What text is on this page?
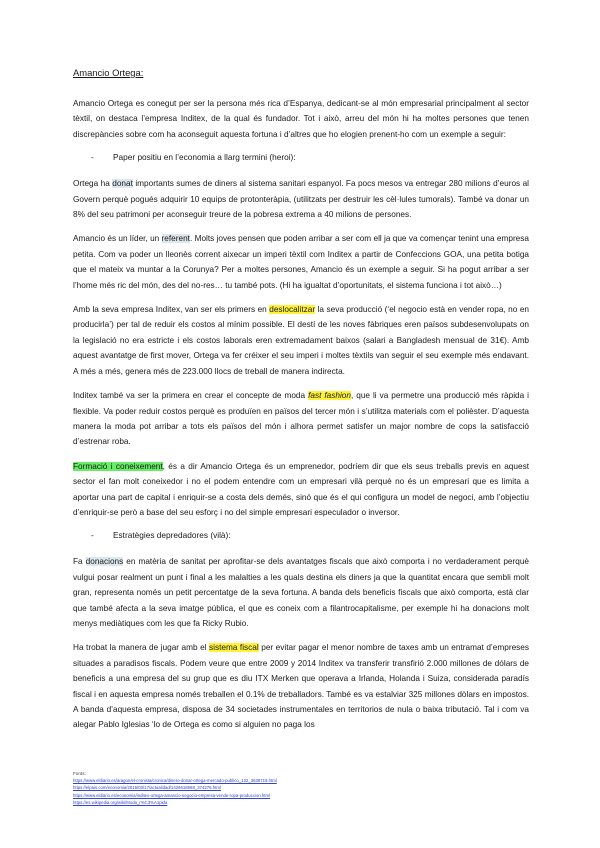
Amancio Ortega:

Amancio Ortega es conegut per ser la persona més rica d’Espanya, dedicant-se al món empresarial principalment al sector tèxtil, on destaca l’empresa Inditex, de la qual és fundador. Tot i això, arreu del món hi ha moltes persones que tenen discrepàncies sobre com ha aconseguit aquesta fortuna i d’altres que ho elogien prenent-ho com un exemple a seguir:

-	Paper positiu en l’economia a llarg termini (heroi):

Ortega ha donat importants sumes de diners al sistema sanitari espanyol. Fa pocs mesos va entregar 280 milions d’euros al Govern perquè pogués adquirir 10 equips de protonteràpia, (utilitzats per destruir les cèl·lules tumorals). També va donar un 8% del seu patrimoni per aconseguir treure de la pobresa extrema a 40 milions de persones.

Amancio és un líder, un referent. Molts joves pensen que poden arribar a ser com ell ja que va començar tenint una empresa petita. Com va poder un lleonès corrent aixecar un imperi tèxtil com Inditex a partir de Confeccions GOA, una petita botiga que el mateix va muntar a la Corunya? Per a moltes persones, Amancio és un exemple a seguir. Si ha pogut arribar a ser l’home més ric del món, des del no-res… tu també pots. (Hi ha igualtat d’oportunitats, el sistema funciona i tot això…)

Amb la seva empresa Inditex, van ser els primers en deslocalitzar la seva producció (‘el negocio està en vender ropa, no en producirla’) per tal de reduir els costos al mínim possible. El destí de les noves fàbriques eren països subdesenvolupats on la legislació no era estricte i els costos laborals eren extremadament baixos (salari a Bangladesh mensual de 31€). Amb aquest avantatge de first mover, Ortega va fer créixer el seu imperi i moltes tèxtils van seguir el seu exemple més endavant. A més a més, genera més de 223.000 llocs de treball de manera indirecta.

Inditex també va ser la primera en crear el concepte de moda fast fashion, que li va permetre una producció més ràpida i flexible. Va poder reduir costos perquè es produïen en països del tercer món i s’utilitza materials com el polièster. D’aquesta manera la moda pot arribar a tots els països del món i alhora permet satisfer un major nombre de cops la satisfacció d’estrenar roba.

Formació i coneixement, és a dir Amancio Ortega és un emprenedor, podríem dir que els seus treballs previs en aquest sector el fan molt coneixedor i no el podem entendre com un empresari vilà perquè no és un empresari que es limita a aportar una part de capital i enriquir-se a costa dels demés, sinó que és el qui configura un model de negoci, amb l’objectiu d’enriquir-se però a base del seu esforç i no del simple empresari especulador o inversor.

-	Estratègies depredadores (vilà):

Fa donacions en matèria de sanitat per aprofitar-se dels avantatges fiscals que això comporta i no verdaderament perquè vulgui posar realment un punt i final a les malalties a les quals destina els diners ja que la quantitat encara que sembli molt gran, representa només un petit percentatge de la seva fortuna. A banda dels beneficis fiscals que això comporta, està clar que també afecta a la seva imatge pública, el que es coneix com a filantrocapitalisme, per exemple hi ha donacions molt menys mediàtiques com les que fa Ricky Rubio.

Ha trobat la manera de jugar amb el sistema fiscal per evitar pagar el menor nombre de taxes amb un entramat d’empreses situades a paradisos fiscals. Podem veure que entre 2009 y 2014 Inditex va transferir transfirió 2.000 millones de dólars de beneficis a una empresa del su grup que es diu ITX Merken que operava a Irlanda, Holanda i Suiza, considerada paradís fiscal i en aquesta empresa només treballen el 0.1% de treballadors. També es va estalviar 325 millones dòlars en impostos. A banda d’aquesta empresa, disposa de 34 societades instrumentales en territorios de nula o baixa tributació. Tal i com va alegar Pablo Iglesias ‘lo de Ortega es como si alguien no paga los

Fonts:
https://www.eldiario.es/aragon/el-cronista/cronica/dinero-donar-ortega-mercado-publico_132_3638719.html
https://elpais.com/economia/2015/03/17/actualidad/1426618568_374276.html
https://www.eldiario.es/economia/inditex-ortega-amancio-negocio-empresa-vende-ropa-produccion.html
https://es.wikipedia.org/wiki/Moda_r%C3%A1pida
